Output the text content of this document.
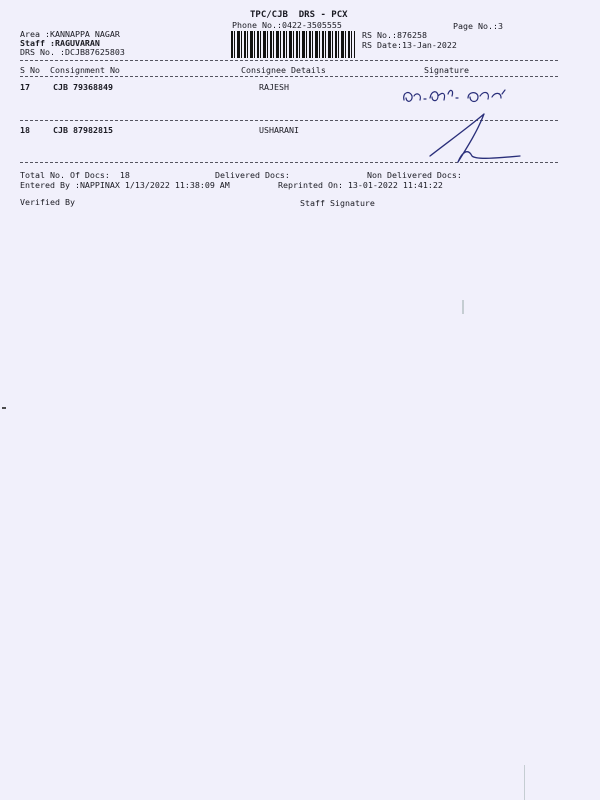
TPC/CJB  DRS - PCX
Phone No.:0422-3505555	Page No.:3
Area :KANNAPPA NAGAR
Staff :RAGUVARAN
DRS No. :DCJB87625803
RS No.:876258
RS Date:13-Jan-2022
S No Consignment No	Consignee Details	Signature
17	CJB 79368849	RAJESH
18	CJB 87982815	USHARANI
Total No. Of Docs:  18	Delivered Docs:	Non Delivered Docs:
Entered By :NAPPINAX 1/13/2022 11:38:09 AM	Reprinted On: 13-01-2022 11:41:22
Verified By	Staff Signature
